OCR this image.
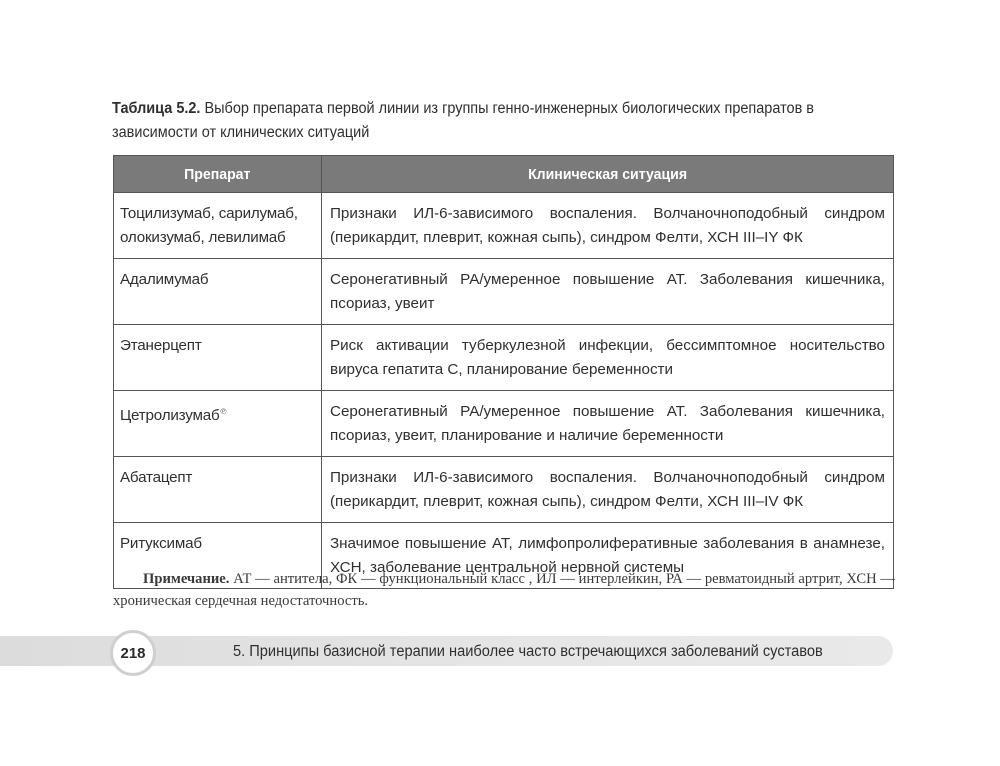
Таблица 5.2. Выбор препарата первой линии из группы генно-инженерных биологических препаратов в зависимости от клинических ситуаций
Препарат	Клиническая ситуация
Тоцилизумаб, сарилумаб, олокизумаб, левилимаб	Признаки ИЛ-6-зависимого воспаления. Волчаночноподобный синдром (перикардит, плеврит, кожная сыпь), синдром Фелти, ХСН III–IY ФК
Адалимумаб	Серонегативный РА/умеренное повышение АТ. Заболевания кишечника, псориаз, увеит
Этанерцепт	Риск активации туберкулезной инфекции, бессимптомное носительство вируса гепатита С, планирование беременности
Цетролизумаб℗	Серонегативный РА/умеренное повышение АТ. Заболевания кишечника, псориаз, увеит, планирование и наличие беременности
Абатацепт	Признаки ИЛ-6-зависимого воспаления. Волчаночноподобный синдром (перикардит, плеврит, кожная сыпь), синдром Фелти, ХСН III–IV ФК
Ритуксимаб	Значимое повышение АТ, лимфопролиферативные заболевания в анамнезе, ХСН, заболевание центральной нервной системы
Примечание. АТ — антитела, ФК — функциональный класс , ИЛ — интерлейкин, РА — ревматоидный артрит, ХСН — хроническая сердечная недостаточность.
218	5. Принципы базисной терапии наиболее часто встречающихся заболеваний суставов
